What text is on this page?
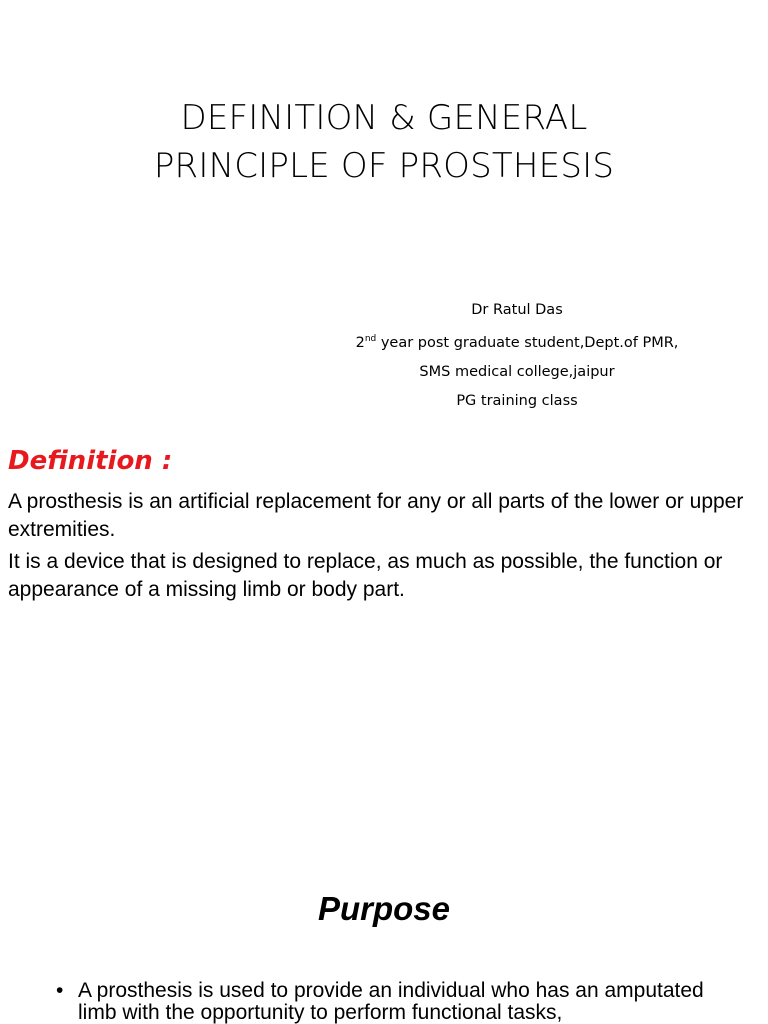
DEFINITION & GENERAL
PRINCIPLE OF PROSTHESIS
Dr Ratul Das
2nd year post graduate student,Dept.of PMR,
SMS medical college,jaipur
PG training class
Definition :

A prosthesis is an artificial replacement for any or all parts of the lower or upper extremities.

It is a device that is designed to replace, as much as possible, the function or appearance of a missing limb or body part.

Purpose
• A prosthesis is used to provide an individual who has an amputated limb with the opportunity to perform functional tasks,
